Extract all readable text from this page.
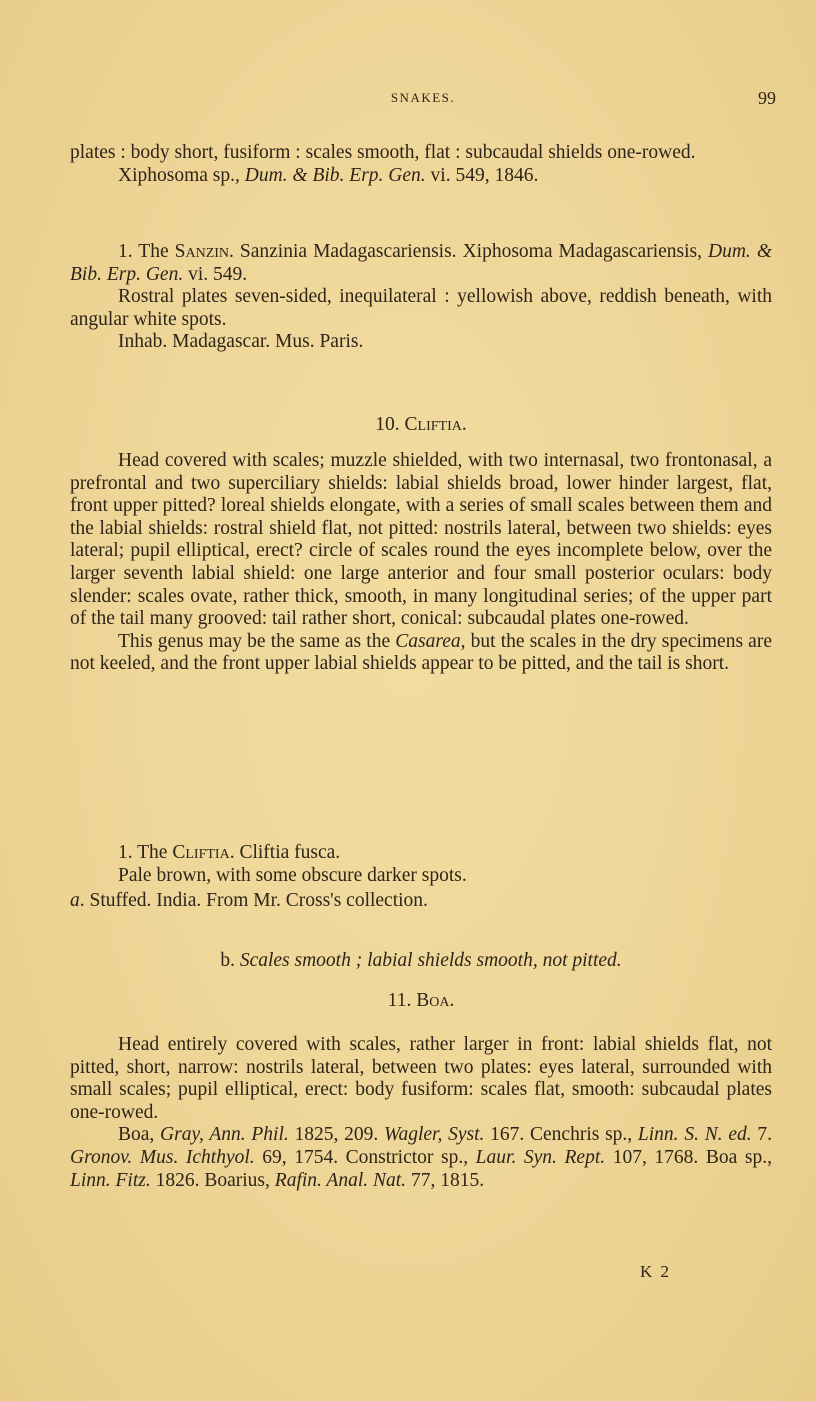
SNAKES.	99

plates : body short, fusiform : scales smooth, flat : subcaudal shields one-rowed.

Xiphosoma sp., Dum. & Bib. Erp. Gen. vi. 549, 1846.

1. The Sanzin. Sanzinia Madagascariensis. Xiphosoma Madagascariensis, Dum. & Bib. Erp. Gen. vi. 549.

Rostral plates seven-sided, inequilateral : yellowish above, reddish beneath, with angular white spots.

Inhab. Madagascar. Mus. Paris.

10. Cliftia.

Head covered with scales; muzzle shielded, with two internasal, two frontonasal, a prefrontal and two superciliary shields: labial shields broad, lower hinder largest, flat, front upper pitted? loreal shields elongate, with a series of small scales between them and the labial shields: rostral shield flat, not pitted: nostrils lateral, between two shields: eyes lateral; pupil elliptical, erect? circle of scales round the eyes incomplete below, over the larger seventh labial shield: one large anterior and four small posterior oculars: body slender: scales ovate, rather thick, smooth, in many longitudinal series; of the upper part of the tail many grooved: tail rather short, conical: subcaudal plates one-rowed.

This genus may be the same as the Casarea, but the scales in the dry specimens are not keeled, and the front upper labial shields appear to be pitted, and the tail is short.

1. The Cliftia. Cliftia fusca.

Pale brown, with some obscure darker spots.

a. Stuffed. India. From Mr. Cross's collection.

b. Scales smooth ; labial shields smooth, not pitted.
11. Boa.

Head entirely covered with scales, rather larger in front: labial shields flat, not pitted, short, narrow: nostrils lateral, between two plates: eyes lateral, surrounded with small scales; pupil elliptical, erect: body fusiform: scales flat, smooth: subcaudal plates one-rowed.

Boa, Gray, Ann. Phil. 1825, 209. Wagler, Syst. 167. Cenchris sp., Linn. S. N. ed. 7. Gronov. Mus. Ichthyol. 69, 1754. Constrictor sp., Laur. Syn. Rept. 107, 1768. Boa sp., Linn. Fitz. 1826. Boarius, Rafin. Anal. Nat. 77, 1815.

K 2
